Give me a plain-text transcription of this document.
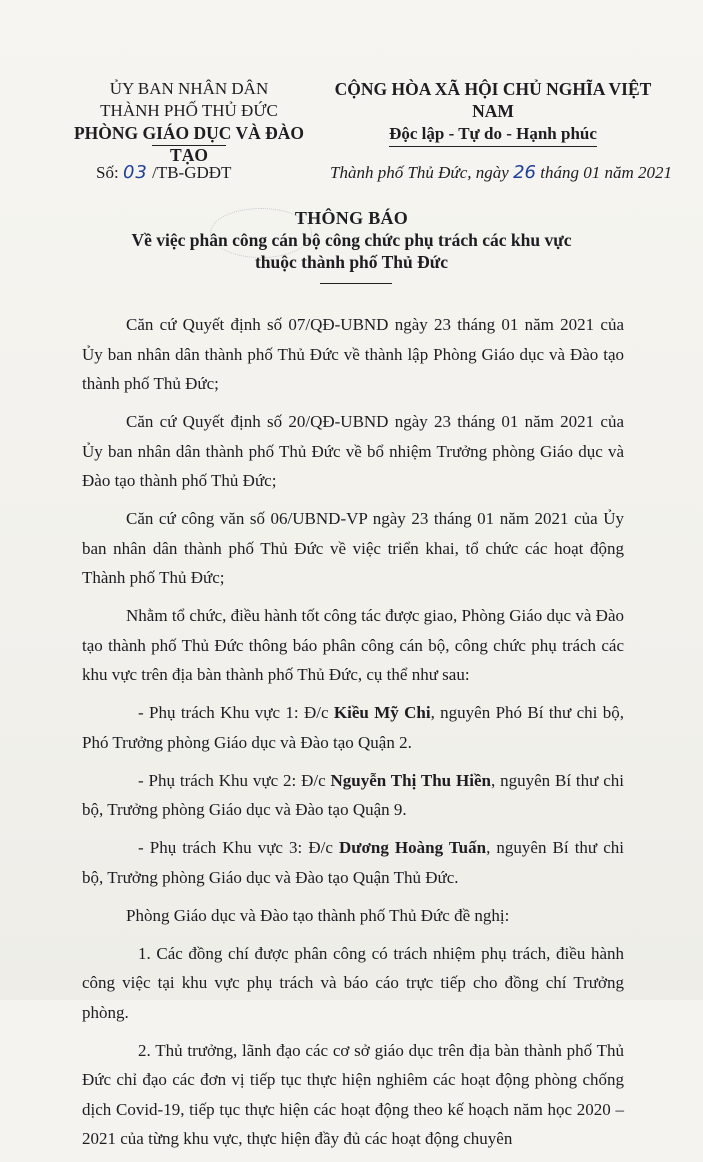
ỦY BAN NHÂN DÂN
THÀNH PHỐ THỦ ĐỨC
PHÒNG GIÁO DỤC VÀ ĐÀO TẠO
CỘNG HÒA XÃ HỘI CHỦ NGHĨA VIỆT NAM
Độc lập - Tự do - Hạnh phúc
Số: 03 /TB-GDĐT	Thành phố Thủ Đức, ngày 26 tháng 01 năm 2021
THÔNG BÁO
Về việc phân công cán bộ công chức phụ trách các khu vực
thuộc thành phố Thủ Đức

Căn cứ Quyết định số 07/QĐ-UBND ngày 23 tháng 01 năm 2021 của Ủy ban nhân dân thành phố Thủ Đức về thành lập Phòng Giáo dục và Đào tạo thành phố Thủ Đức;

Căn cứ Quyết định số 20/QĐ-UBND ngày 23 tháng 01 năm 2021 của Ủy ban nhân dân thành phố Thủ Đức về bổ nhiệm Trưởng phòng Giáo dục và Đào tạo thành phố Thủ Đức;

Căn cứ công văn số 06/UBND-VP ngày 23 tháng 01 năm 2021 của Ủy ban nhân dân thành phố Thủ Đức về việc triển khai, tổ chức các hoạt động Thành phố Thủ Đức;

Nhằm tổ chức, điều hành tốt công tác được giao, Phòng Giáo dục và Đào tạo thành phố Thủ Đức thông báo phân công cán bộ, công chức phụ trách các khu vực trên địa bàn thành phố Thủ Đức, cụ thể như sau:

- Phụ trách Khu vực 1: Đ/c Kiều Mỹ Chi, nguyên Phó Bí thư chi bộ, Phó Trưởng phòng Giáo dục và Đào tạo Quận 2.

- Phụ trách Khu vực 2: Đ/c Nguyễn Thị Thu Hiền, nguyên Bí thư chi bộ, Trưởng phòng Giáo dục và Đào tạo Quận 9.

- Phụ trách Khu vực 3: Đ/c Dương Hoàng Tuấn, nguyên Bí thư chi bộ, Trưởng phòng Giáo dục và Đào tạo Quận Thủ Đức.

Phòng Giáo dục và Đào tạo thành phố Thủ Đức đề nghị:

1. Các đồng chí được phân công có trách nhiệm phụ trách, điều hành công việc tại khu vực phụ trách và báo cáo trực tiếp cho đồng chí Trưởng phòng.

2. Thủ trưởng, lãnh đạo các cơ sở giáo dục trên địa bàn thành phố Thủ Đức chỉ đạo các đơn vị tiếp tục thực hiện nghiêm các hoạt động phòng chống dịch Covid-19, tiếp tục thực hiện các hoạt động theo kế hoạch năm học 2020 – 2021 của từng khu vực, thực hiện đầy đủ các hoạt động chuyên
